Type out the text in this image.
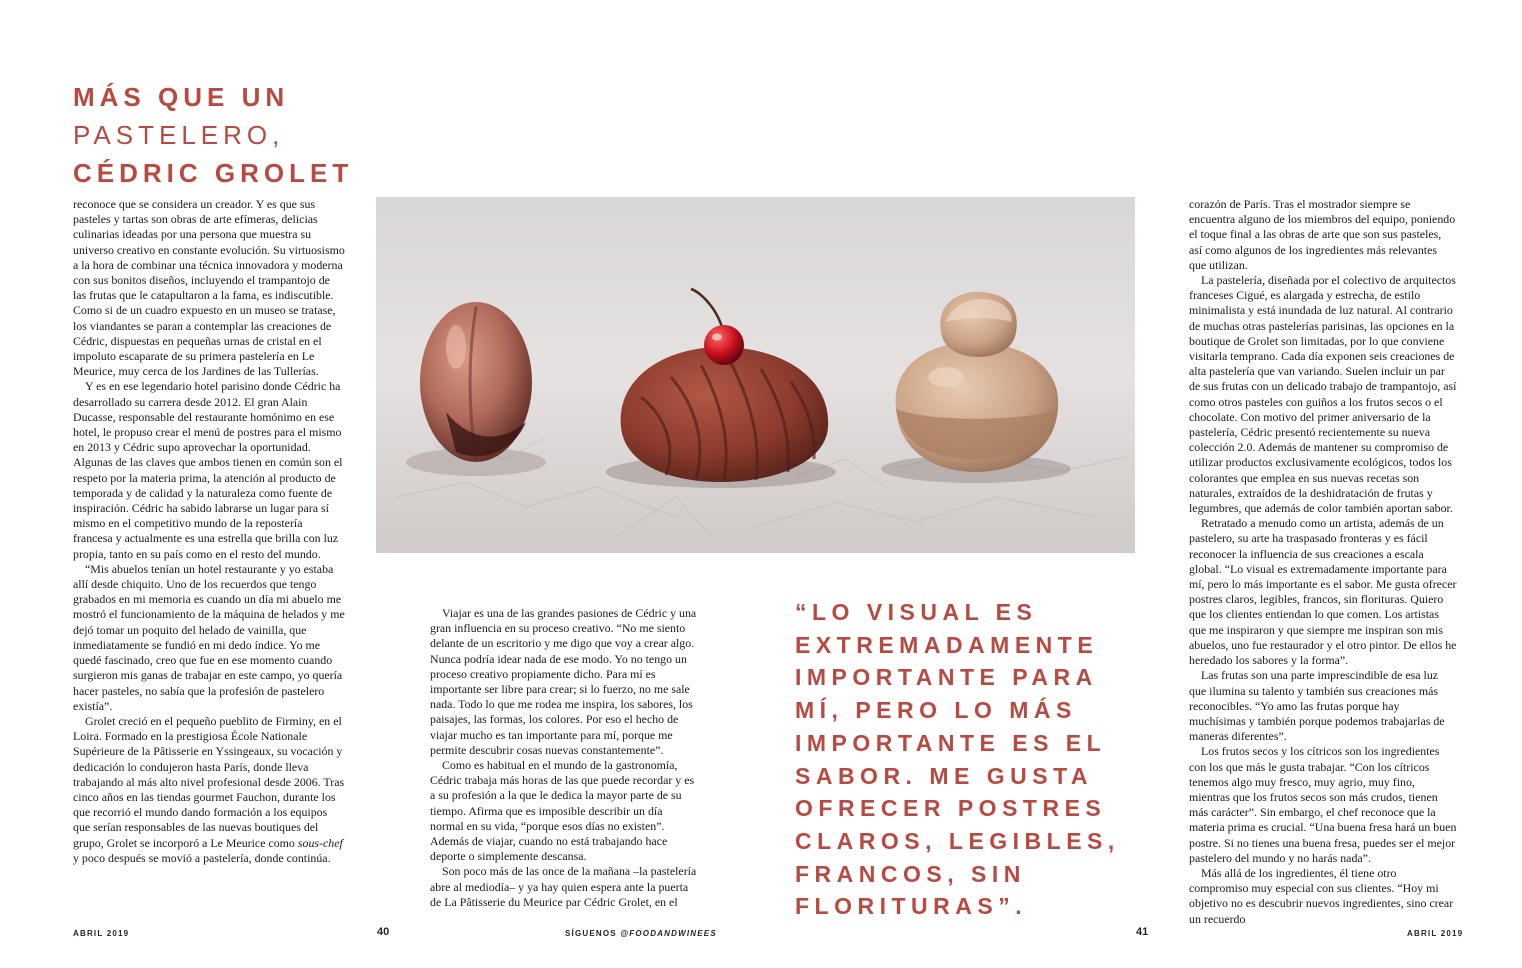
MÁS QUE UN
PASTELERO,
CÉDRIC GROLET

reconoce que se considera un creador. Y es que sus pasteles y tartas son obras de arte efímeras, delicias culinarias ideadas por una persona que muestra su universo creativo en constante evolución. Su virtuosismo a la hora de combinar una técnica innovadora y moderna con sus bonitos diseños, incluyendo el trampantojo de las frutas que le catapultaron a la fama, es indiscutible. Como si de un cuadro expuesto en un museo se tratase, los viandantes se paran a contemplar las creaciones de Cédric, dispuestas en pequeñas urnas de cristal en el impoluto escaparate de su primera pastelería en Le Meurice, muy cerca de los Jardines de las Tullerías.

Y es en ese legendario hotel parisino donde Cédric ha desarrollado su carrera desde 2012. El gran Alain Ducasse, responsable del restaurante homónimo en ese hotel, le propuso crear el menú de postres para el mismo en 2013 y Cédric supo aprovechar la oportunidad. Algunas de las claves que ambos tienen en común son el respeto por la materia prima, la atención al producto de temporada y de calidad y la naturaleza como fuente de inspiración. Cédric ha sabido labrarse un lugar para sí mismo en el competitivo mundo de la repostería francesa y actualmente es una estrella que brilla con luz propia, tanto en su país como en el resto del mundo.

“Mis abuelos tenían un hotel restaurante y yo estaba allí desde chiquito. Uno de los recuerdos que tengo grabados en mi memoria es cuando un día mi abuelo me mostró el funcionamiento de la máquina de helados y me dejó tomar un poquito del helado de vainilla, que inmediatamente se fundió en mi dedo índice. Yo me quedé fascinado, creo que fue en ese momento cuando surgieron mis ganas de trabajar en este campo, yo quería hacer pasteles, no sabía que la profesión de pastelero existía”.

Grolet creció en el pequeño pueblito de Firminy, en el Loira. Formado en la prestigiosa École Nationale Supérieure de la Pâtisserie en Yssingeaux, su vocación y dedicación lo condujeron hasta París, donde lleva trabajando al más alto nivel profesional desde 2006. Tras cinco años en las tiendas gourmet Fauchon, durante los que recorrió el mundo dando formación a los equipos que serían responsables de las nuevas boutiques del grupo, Grolet se incorporó a Le Meurice como sous-chef y poco después se movió a pastelería, donde continúa.

Viajar es una de las grandes pasiones de Cédric y una gran influencia en su proceso creativo. “No me siento delante de un escritorio y me digo que voy a crear algo. Nunca podría idear nada de ese modo. Yo no tengo un proceso creativo propiamente dicho. Para mí es importante ser libre para crear; si lo fuerzo, no me sale nada. Todo lo que me rodea me inspira, los sabores, los paisajes, las formas, los colores. Por eso el hecho de viajar mucho es tan importante para mí, porque me permite descubrir cosas nuevas constantemente”.

Como es habitual en el mundo de la gastronomía, Cédric trabaja más horas de las que puede recordar y es a su profesión a la que le dedica la mayor parte de su tiempo. Afirma que es imposible describir un día normal en su vida, “porque esos días no existen”. Además de viajar, cuando no está trabajando hace deporte o simplemente descansa.

Son poco más de las once de la mañana –la pastelería abre al mediodía– y ya hay quien espera ante la puerta de La Pâtisserie du Meurice par Cédric Grolet, en el

“LO VISUAL ES
EXTREMADAMENTE
IMPORTANTE PARA
MÍ, PERO LO MÁS
IMPORTANTE ES EL
SABOR. ME GUSTA
OFRECER POSTRES
CLAROS, LEGIBLES,
FRANCOS, SIN
FLORITURAS”.

corazón de París. Tras el mostrador siempre se encuentra alguno de los miembros del equipo, poniendo el toque final a las obras de arte que son sus pasteles, así como algunos de los ingredientes más relevantes que utilizan.

La pastelería, diseñada por el colectivo de arquitectos franceses Cigué, es alargada y estrecha, de estilo minimalista y está inundada de luz natural. Al contrario de muchas otras pastelerías parisinas, las opciones en la boutique de Grolet son limitadas, por lo que conviene visitarla temprano. Cada día exponen seis creaciones de alta pastelería que van variando. Suelen incluir un par de sus frutas con un delicado trabajo de trampantojo, así como otros pasteles con guiños a los frutos secos o el chocolate. Con motivo del primer aniversario de la pastelería, Cédric presentó recientemente su nueva colección 2.0. Además de mantener su compromiso de utilizar productos exclusivamente ecológicos, todos los colorantes que emplea en sus nuevas recetas son naturales, extraídos de la deshidratación de frutas y legumbres, que además de color también aportan sabor.

Retratado a menudo como un artista, además de un pastelero, su arte ha traspasado fronteras y es fácil reconocer la influencia de sus creaciones a escala global. “Lo visual es extremadamente importante para mí, pero lo más importante es el sabor. Me gusta ofrecer postres claros, legibles, francos, sin florituras. Quiero que los clientes entiendan lo que comen. Los artistas que me inspiraron y que siempre me inspiran son mis abuelos, uno fue restaurador y el otro pintor. De ellos he heredado los sabores y la forma”.

Las frutas son una parte imprescindible de esa luz que ilumina su talento y también sus creaciones más reconocibles. “Yo amo las frutas porque hay muchísimas y también porque podemos trabajarlas de maneras diferentes”.

Los frutos secos y los cítricos son los ingredientes con los que más le gusta trabajar. “Con los cítricos tenemos algo muy fresco, muy agrio, muy fino, mientras que los frutos secos son más crudos, tienen más carácter”. Sin embargo, el chef reconoce que la materia prima es crucial. “Una buena fresa hará un buen postre. Si no tienes una buena fresa, puedes ser el mejor pastelero del mundo y no harás nada”.

Más allá de los ingredientes, él tiene otro compromiso muy especial con sus clientes. “Hoy mi objetivo no es descubrir nuevos ingredientes, sino crear un recuerdo

ABRIL 2019	40	SÍGUENOS @FOODANDWINEES	41	ABRIL 2019
